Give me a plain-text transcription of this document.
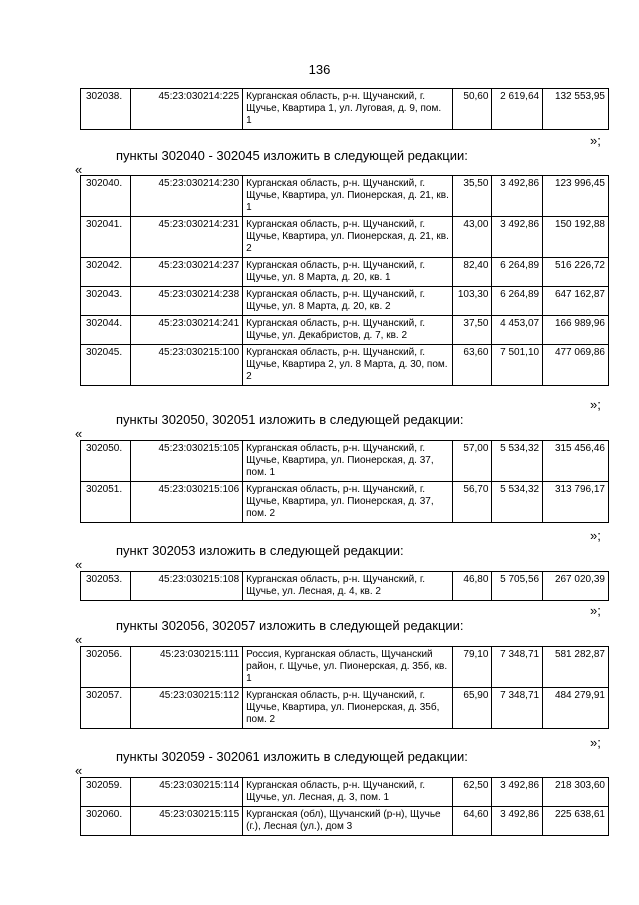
136
302038.	45:23:030214:225	Курганская область, р-н. Щучанский, г. Щучье, Квартира 1, ул. Луговая, д. 9, пом. 1	50,60	2 619,64	132 553,95
»;
пункты 302040 - 302045 изложить в следующей редакции:
«
302040.	45:23:030214:230	Курганская область, р-н. Щучанский, г. Щучье, Квартира, ул. Пионерская, д. 21, кв. 1	35,50	3 492,86	123 996,45
302041.	45:23:030214:231	Курганская область, р-н. Щучанский, г. Щучье, Квартира, ул. Пионерская, д. 21, кв. 2	43,00	3 492,86	150 192,88
302042.	45:23:030214:237	Курганская область, р-н. Щучанский, г. Щучье, ул. 8 Марта, д. 20, кв. 1	82,40	6 264,89	516 226,72
302043.	45:23:030214:238	Курганская область, р-н. Щучанский, г. Щучье, ул. 8 Марта, д. 20, кв. 2	103,30	6 264,89	647 162,87
302044.	45:23:030214:241	Курганская область, р-н. Щучанский, г. Щучье, ул. Декабристов, д. 7, кв. 2	37,50	4 453,07	166 989,96
302045.	45:23:030215:100	Курганская область, р-н. Щучанский, г. Щучье, Квартира 2, ул. 8 Марта, д. 30, пом. 2	63,60	7 501,10	477 069,86
»;
пункты 302050, 302051 изложить в следующей редакции:
«
302050.	45:23:030215:105	Курганская область, р-н. Щучанский, г. Щучье, Квартира, ул. Пионерская, д. 37, пом. 1	57,00	5 534,32	315 456,46
302051.	45:23:030215:106	Курганская область, р-н. Щучанский, г. Щучье, Квартира, ул. Пионерская, д. 37, пом. 2	56,70	5 534,32	313 796,17
»;
пункт 302053 изложить в следующей редакции:
«
302053.	45:23:030215:108	Курганская область, р-н. Щучанский, г. Щучье, ул. Лесная, д. 4, кв. 2	46,80	5 705,56	267 020,39
»;
пункты 302056, 302057 изложить в следующей редакции:
«
302056.	45:23:030215:111	Россия, Курганская область, Щучанский район, г. Щучье, ул. Пионерская, д. 35б, кв. 1	79,10	7 348,71	581 282,87
302057.	45:23:030215:112	Курганская область, р-н. Щучанский, г. Щучье, Квартира, ул. Пионерская, д. 35б, пом. 2	65,90	7 348,71	484 279,91
»;
пункты 302059 - 302061 изложить в следующей редакции:
«
302059.	45:23:030215:114	Курганская область, р-н. Щучанский, г. Щучье, ул. Лесная, д. 3, пом. 1	62,50	3 492,86	218 303,60
302060.	45:23:030215:115	Курганская (обл), Щучанский (р-н), Щучье (г.), Лесная (ул.), дом 3	64,60	3 492,86	225 638,61
